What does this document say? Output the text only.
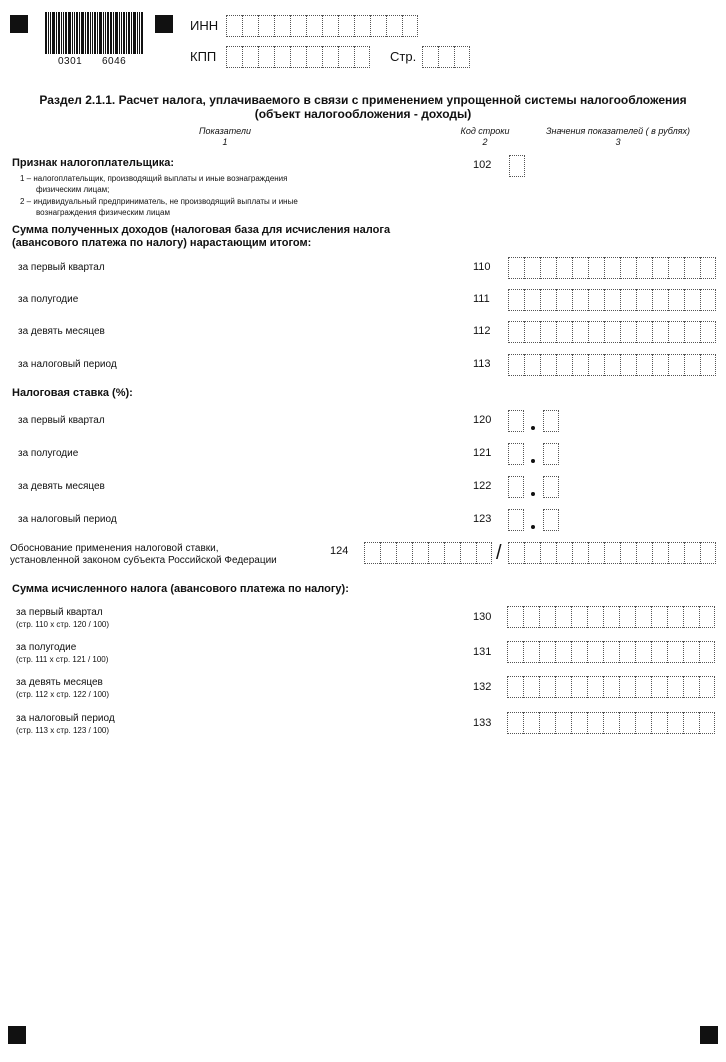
0301 6046
ИНН
КПП	Стр.
Раздел 2.1.1. Расчет налога, уплачиваемого в связи с применением упрощенной системы налогообложения
(объект налогообложения - доходы)
Показатели
1
Код строки
2
Значения показателей ( в рублях)
3
Признак налогоплательщика:
1 – налогоплательщик, производящий выплаты и иные вознаграждения
физическим лицам;
2 – индивидуальный предприниматель, не производящий выплаты и иные
вознаграждения физическим лицам
102
Сумма полученных доходов (налоговая база для исчисления налога
(авансового платежа по налогу) нарастающим итогом:
за первый квартал	110
за полугодие	111
за девять месяцев	112
за налоговый период	113
Налоговая ставка (%):
за первый квартал	120
за полугодие	121
за девять месяцев	122
за налоговый период	123
Обоснование применения налоговой ставки,
установленной законом субъекта Российской Федерации
124	/
Сумма исчисленного налога (авансового платежа по налогу):
за первый квартал
(стр. 110 х стр. 120 / 100)
130
за полугодие
(стр. 111 х стр. 121 / 100)
131
за девять месяцев
(стр. 112 х стр. 122 / 100)
132
за налоговый период
(стр. 113 х стр. 123 / 100)
133
